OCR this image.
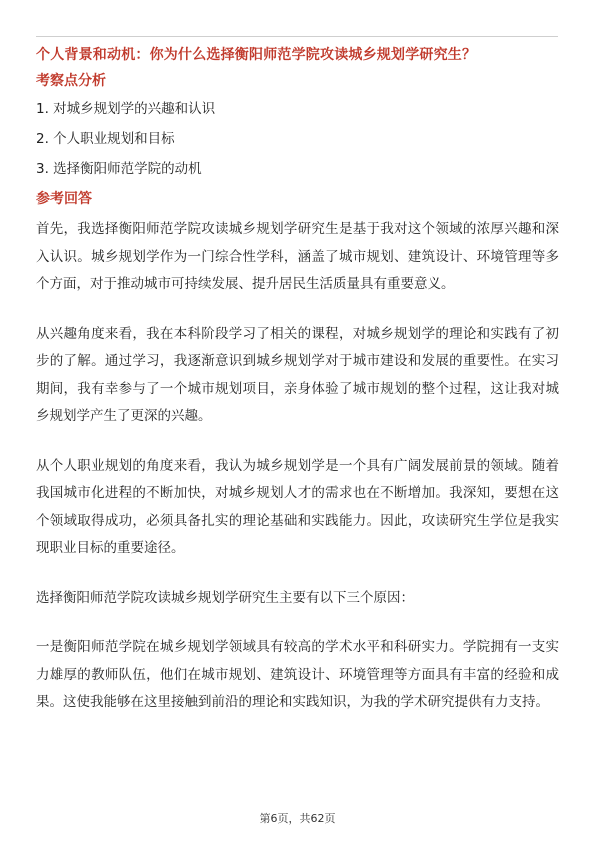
个人背景和动机：你为什么选择衡阳师范学院攻读城乡规划学研究生？
考察点分析
1. 对城乡规划学的兴趣和认识
2. 个人职业规划和目标
3. 选择衡阳师范学院的动机
参考回答

首先，我选择衡阳师范学院攻读城乡规划学研究生是基于我对这个领域的浓厚兴趣和深入认识。城乡规划学作为一门综合性学科，涵盖了城市规划、建筑设计、环境管理等多个方面，对于推动城市可持续发展、提升居民生活质量具有重要意义。

从兴趣角度来看，我在本科阶段学习了相关的课程，对城乡规划学的理论和实践有了初步的了解。通过学习，我逐渐意识到城乡规划学对于城市建设和发展的重要性。在实习期间，我有幸参与了一个城市规划项目，亲身体验了城市规划的整个过程，这让我对城乡规划学产生了更深的兴趣。

从个人职业规划的角度来看，我认为城乡规划学是一个具有广阔发展前景的领域。随着我国城市化进程的不断加快，对城乡规划人才的需求也在不断增加。我深知，要想在这个领域取得成功，必须具备扎实的理论基础和实践能力。因此，攻读研究生学位是我实现职业目标的重要途径。

选择衡阳师范学院攻读城乡规划学研究生主要有以下三个原因：

一是衡阳师范学院在城乡规划学领域具有较高的学术水平和科研实力。学院拥有一支实力雄厚的教师队伍，他们在城市规划、建筑设计、环境管理等方面具有丰富的经验和成果。这使我能够在这里接触到前沿的理论和实践知识，为我的学术研究提供有力支持。

第6页，共62页
